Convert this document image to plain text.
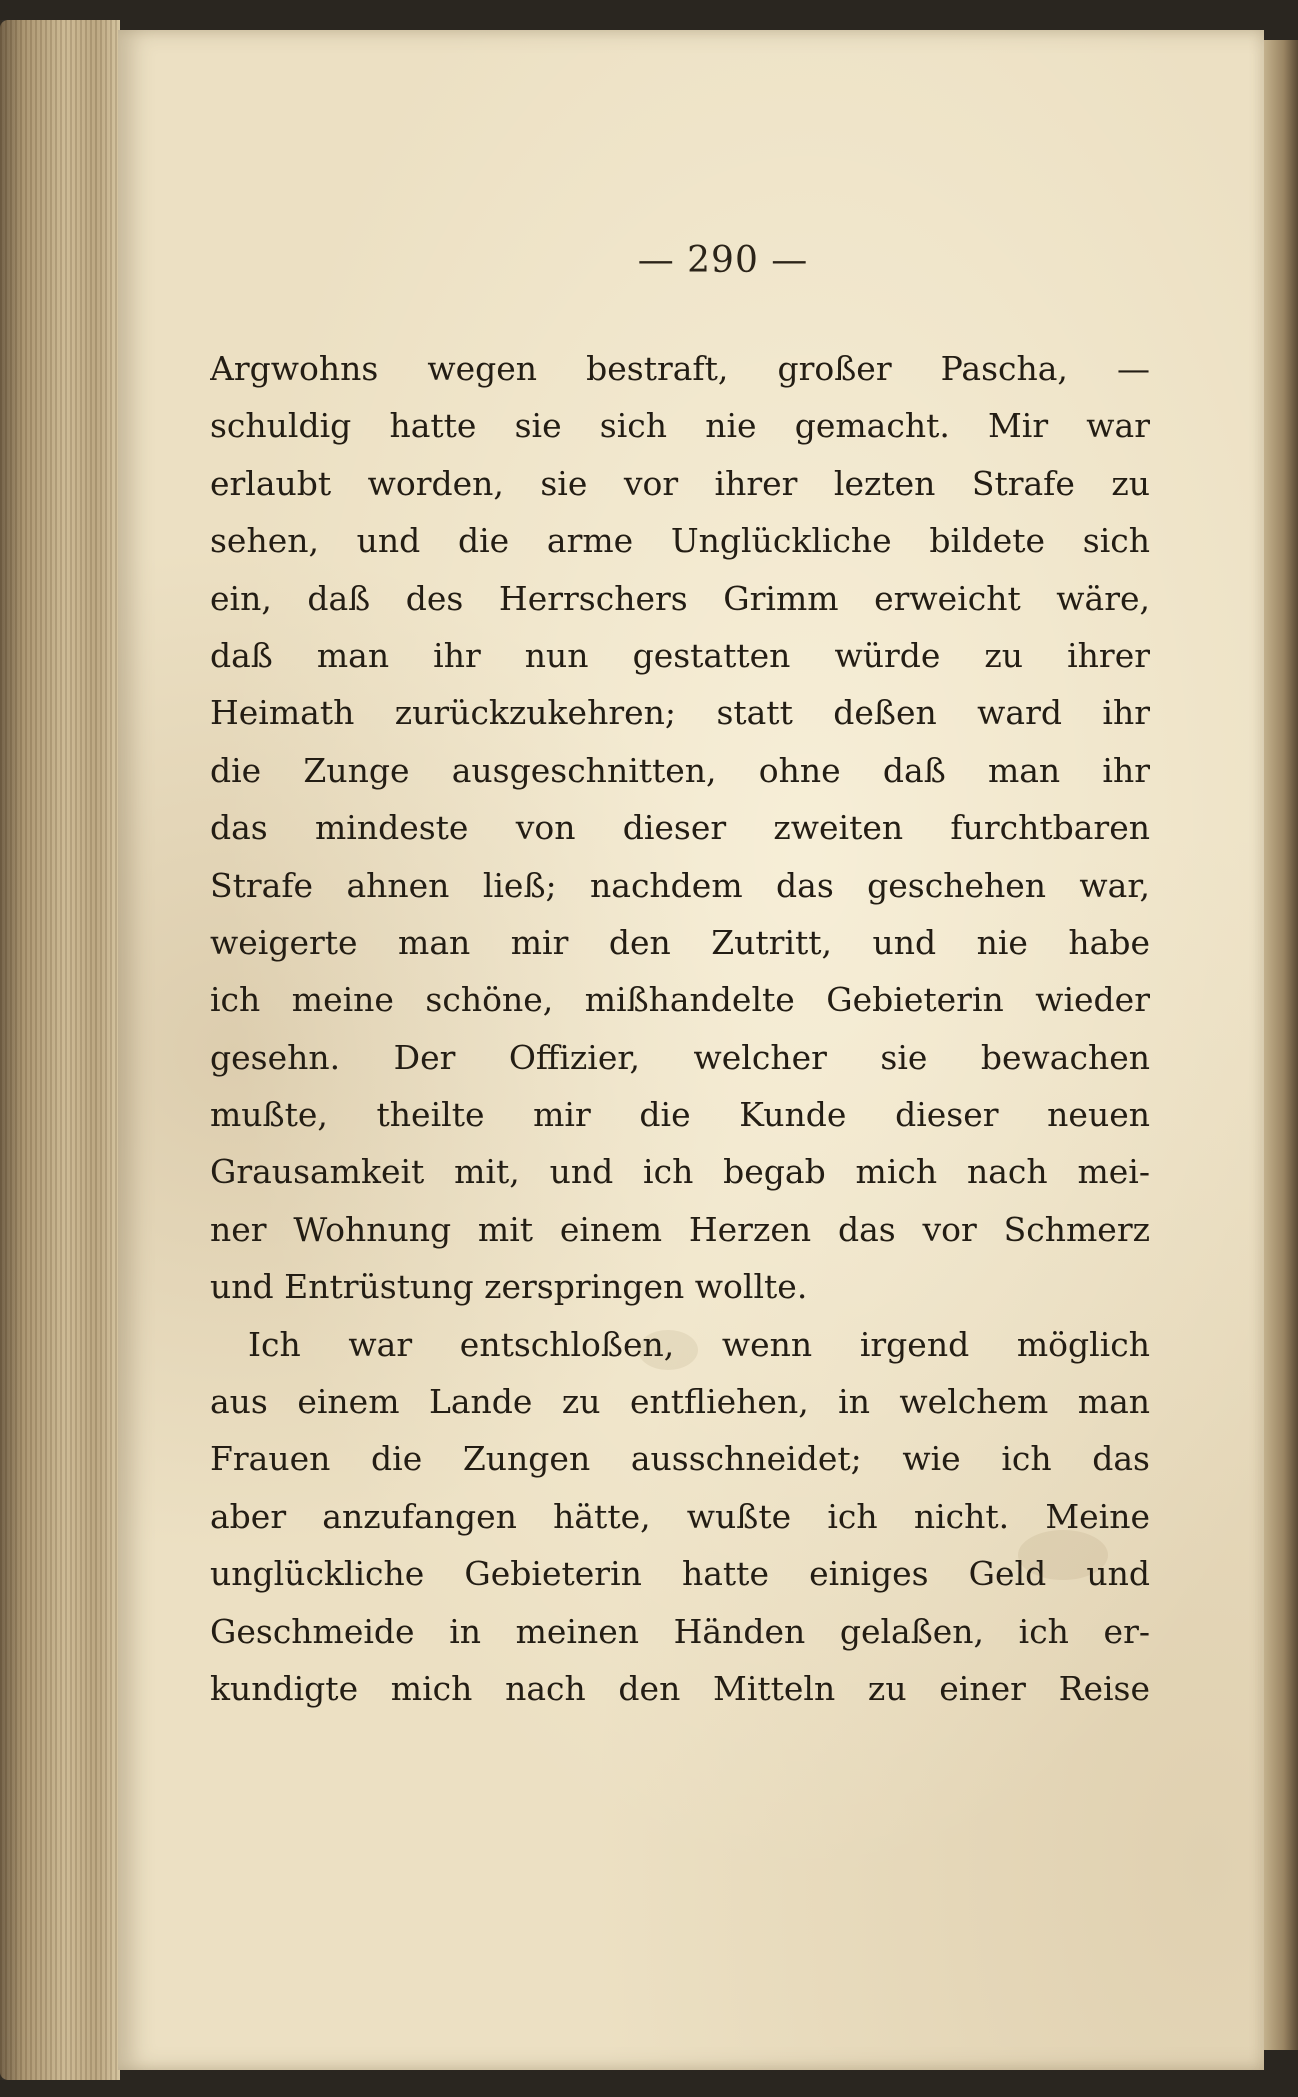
— 290 —
Argwohns wegen bestraft, großer Pascha, —
schuldig hatte sie sich nie gemacht. Mir war
erlaubt worden, sie vor ihrer lezten Strafe zu
sehen, und die arme Unglückliche bildete sich
ein, daß des Herrschers Grimm erweicht wäre,
daß man ihr nun gestatten würde zu ihrer
Heimath zurückzukehren; statt deßen ward ihr
die Zunge ausgeschnitten, ohne daß man ihr
das mindeste von dieser zweiten furchtbaren
Strafe ahnen ließ; nachdem das geschehen war,
weigerte man mir den Zutritt, und nie habe
ich meine schöne, mißhandelte Gebieterin wieder
gesehn. Der Offizier, welcher sie bewachen
mußte, theilte mir die Kunde dieser neuen
Grausamkeit mit, und ich begab mich nach mei-
ner Wohnung mit einem Herzen das vor Schmerz
und Entrüstung zerspringen wollte.
Ich war entschloßen, wenn irgend möglich
aus einem Lande zu entfliehen, in welchem man
Frauen die Zungen ausschneidet; wie ich das
aber anzufangen hätte, wußte ich nicht. Meine
unglückliche Gebieterin hatte einiges Geld und
Geschmeide in meinen Händen gelaßen, ich er-
kundigte mich nach den Mitteln zu einer Reise
